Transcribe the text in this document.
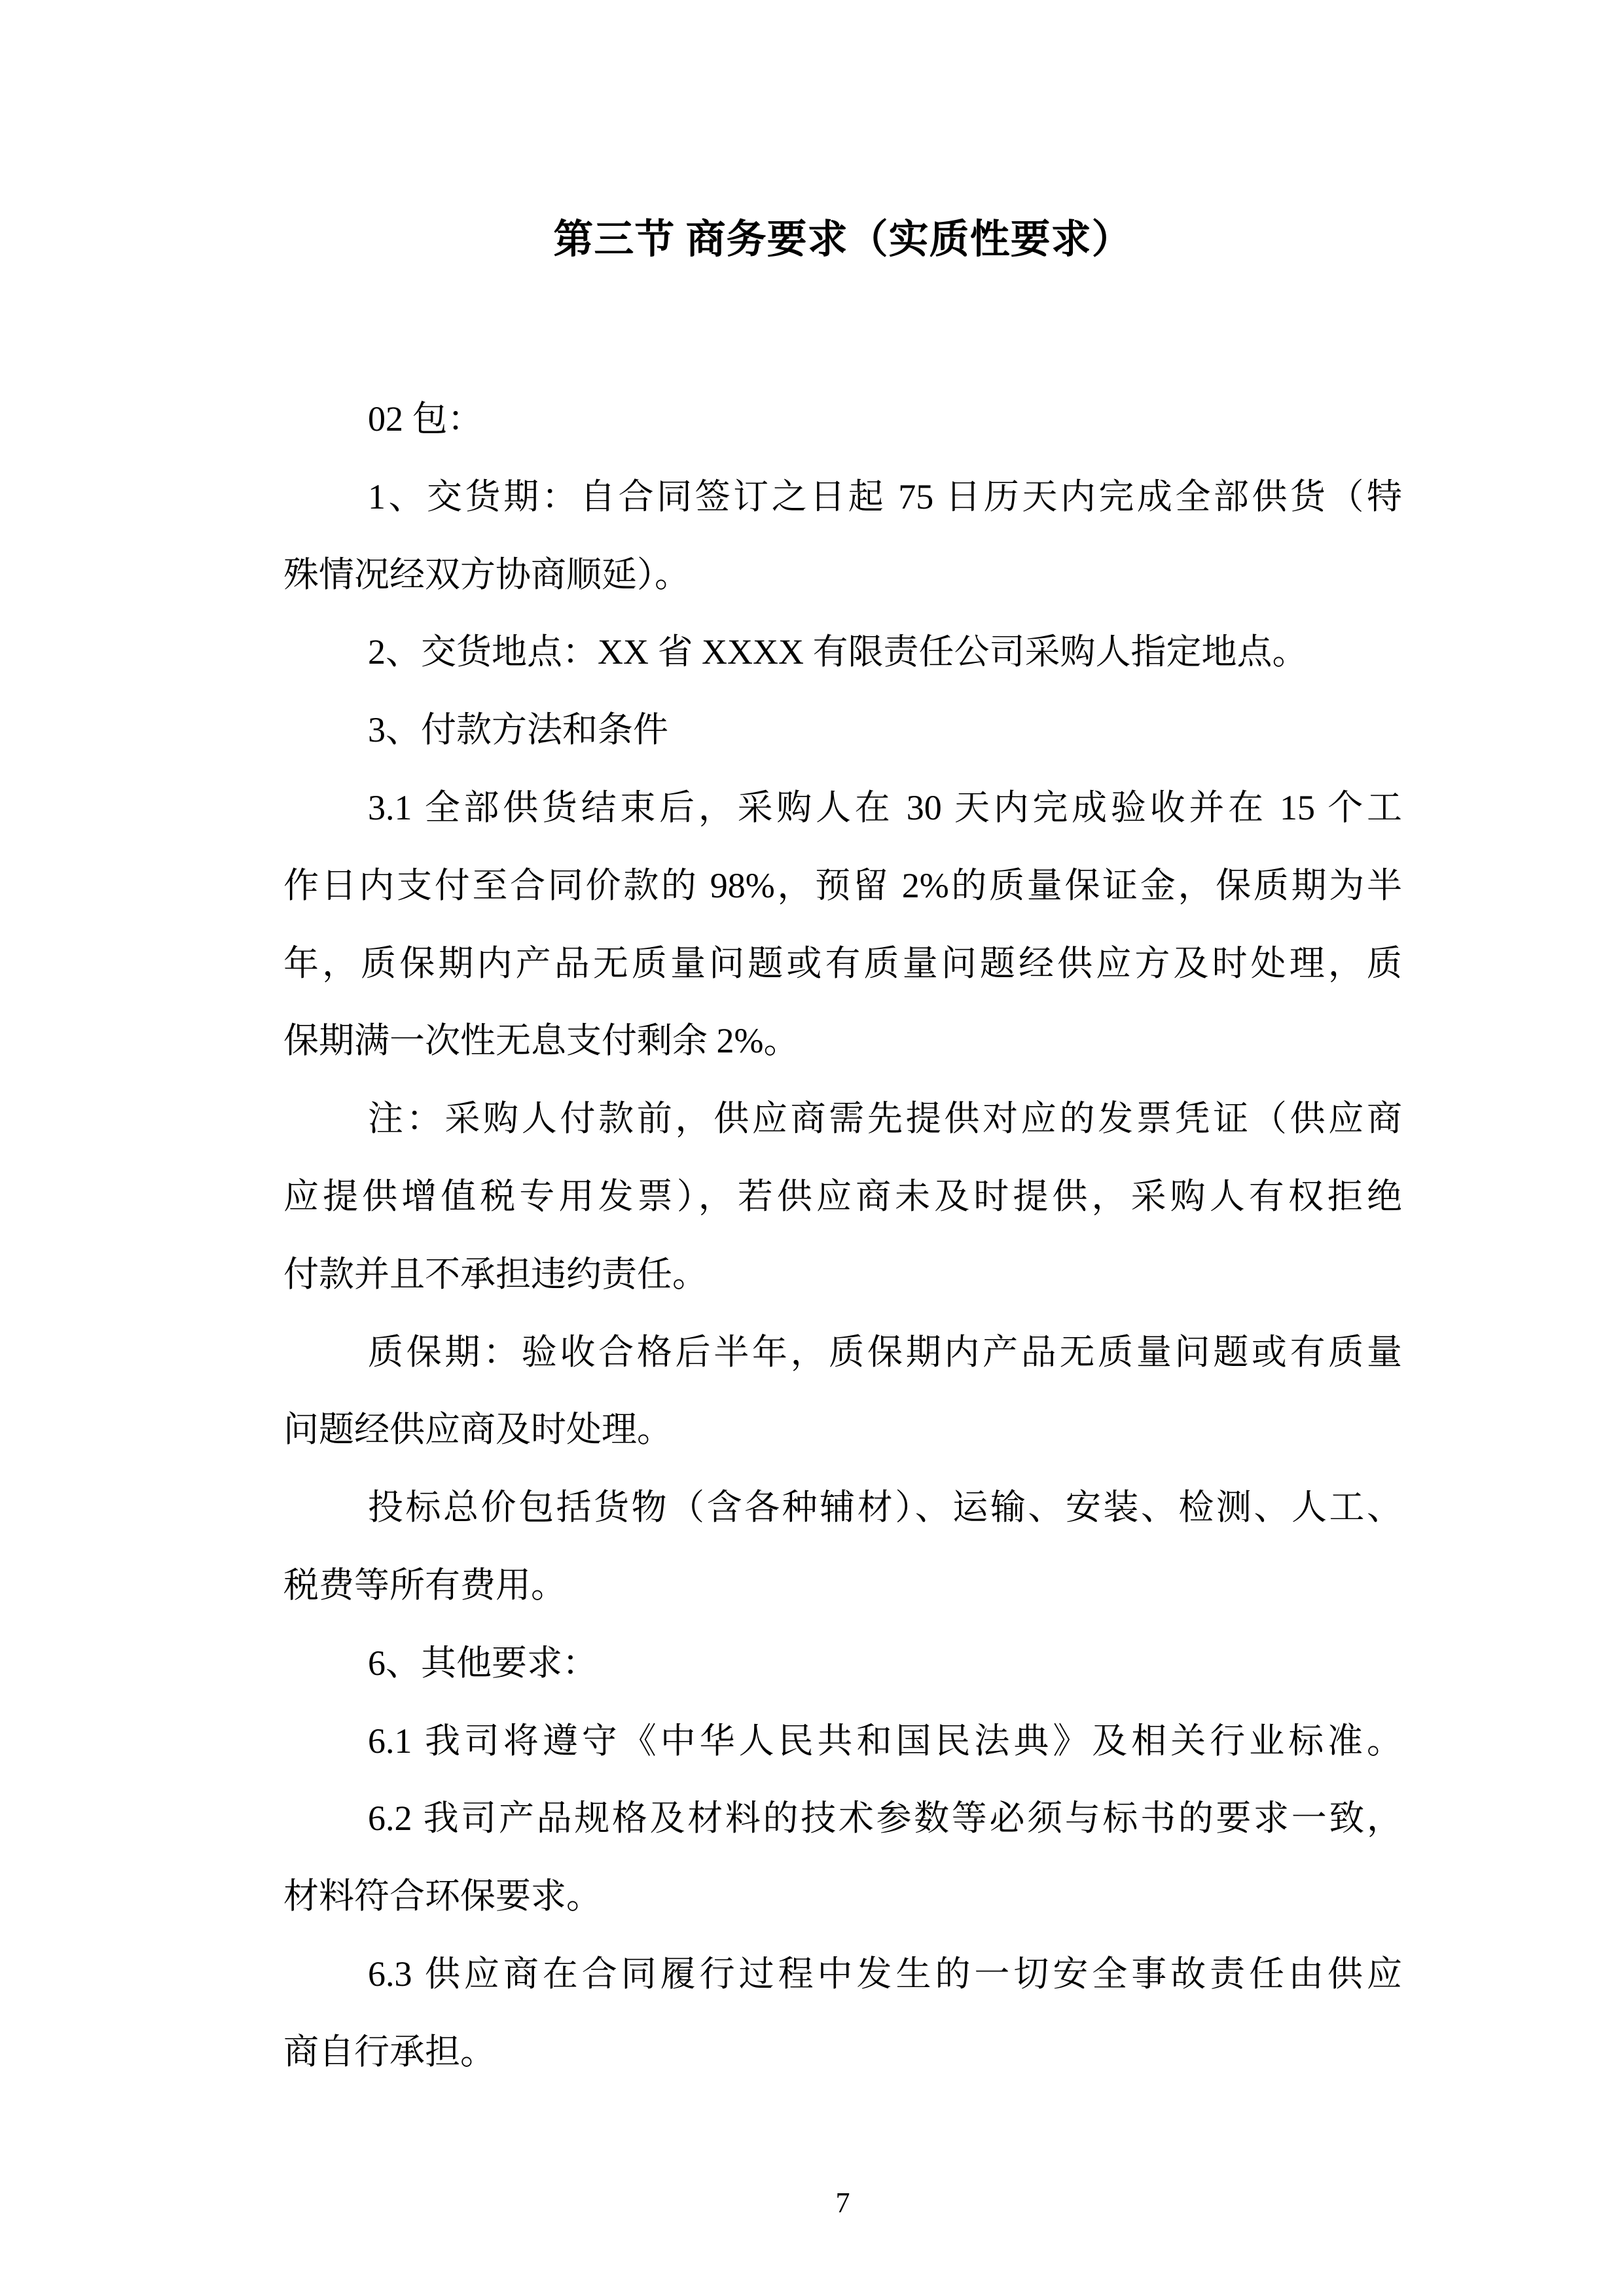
第三节 商务要求（实质性要求）
02 包：
1、交货期：自合同签订之日起 75 日历天内完成全部供货（特
殊情况经双方协商顺延）。
2、交货地点：XX 省 XXXX 有限责任公司采购人指定地点。
3、付款方法和条件
3.1 全部供货结束后，采购人在 30 天内完成验收并在 15 个工
作日内支付至合同价款的 98%，预留 2%的质量保证金，保质期为半
年，质保期内产品无质量问题或有质量问题经供应方及时处理，质
保期满一次性无息支付剩余 2%。
注：采购人付款前，供应商需先提供对应的发票凭证（供应商
应提供增值税专用发票），若供应商未及时提供，采购人有权拒绝
付款并且不承担违约责任。
质保期：验收合格后半年，质保期内产品无质量问题或有质量
问题经供应商及时处理。
投标总价包括货物（含各种辅材）、运输、安装、检测、人工、
税费等所有费用。
6、其他要求：
6.1 我司将遵守《中华人民共和国民法典》及相关行业标准。
6.2 我司产品规格及材料的技术参数等必须与标书的要求一致，
材料符合环保要求。
6.3 供应商在合同履行过程中发生的一切安全事故责任由供应
商自行承担。
7
